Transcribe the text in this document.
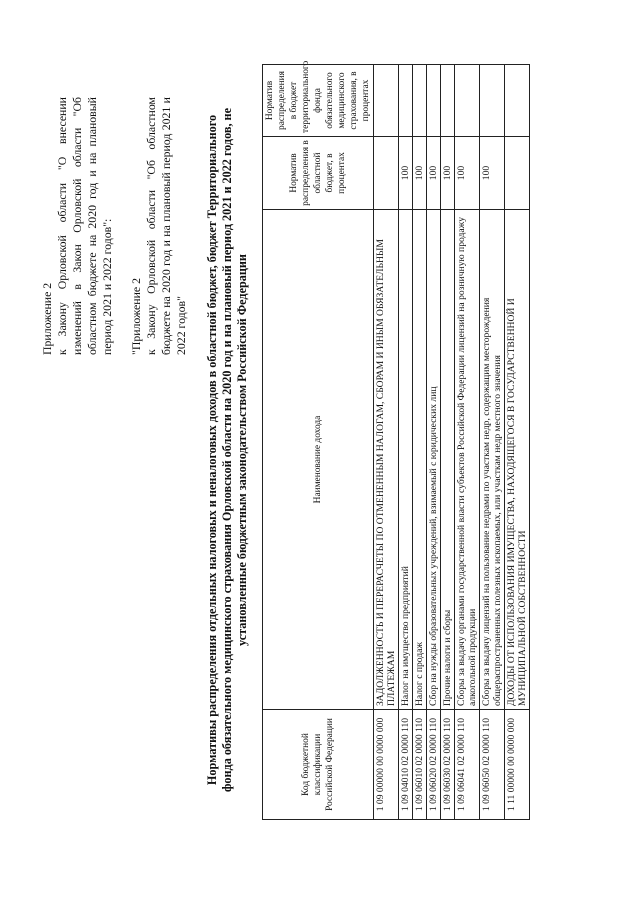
Приложение 2 к Закону Орловской области "О внесении изменений в Закон Орловской области "Об областном бюджете на 2020 год и на плановый период 2021 и 2022 годов": "Приложение 2 к Закону Орловской области "Об областном бюджете на 2020 год и на плановый период 2021 и 2022 годов" Нормативы распределения отдельных налоговых и неналоговых доходов в областной бюджет, бюджет Территориального фонда обязательного медицинского страхования Орловской области на 2020 год и на плановый период 2021 и 2022 годов, не установленные бюджетным законодательством Российской Федерации
Код бюджетной классификации Российской Федерации	Наименование дохода	Норматив распределения в областной бюджет, в процентах	Норматив распределения в бюджет территориального фонда обязательного медицинского страхования, в процентах
1 09 00000 00 0000 000	ЗАДОЛЖЕННОСТЬ И ПЕРЕРАСЧЕТЫ ПО ОТМЕНЕННЫМ НАЛОГАМ, СБОРАМ И ИНЫМ ОБЯЗАТЕЛЬНЫМ ПЛАТЕЖАМ		
1 09 04010 02 0000 110	Налог на имущество предприятий	100	
1 09 06010 02 0000 110	Налог с продаж	100	
1 09 06020 02 0000 110	Сбор на нужды образовательных учреждений, взимаемый с юридических лиц	100	
1 09 06030 02 0000 110	Прочие налоги и сборы	100	
1 09 06041 02 0000 110	Сборы за выдачу органами государственной власти субъектов Российской Федерации лицензий на розничную продажу алкогольной продукции	100	
1 09 06050 02 0000 110	Сборы за выдачу лицензий на пользование недрами по участкам недр, содержащим месторождения общераспространенных полезных ископаемых, или участкам недр местного значения	100	
1 11 00000 00 0000 000	ДОХОДЫ ОТ ИСПОЛЬЗОВАНИЯ ИМУЩЕСТВА, НАХОДЯЩЕГОСЯ В ГОСУДАРСТВЕННОЙ И МУНИЦИПАЛЬНОЙ СОБСТВЕННОСТИ		
